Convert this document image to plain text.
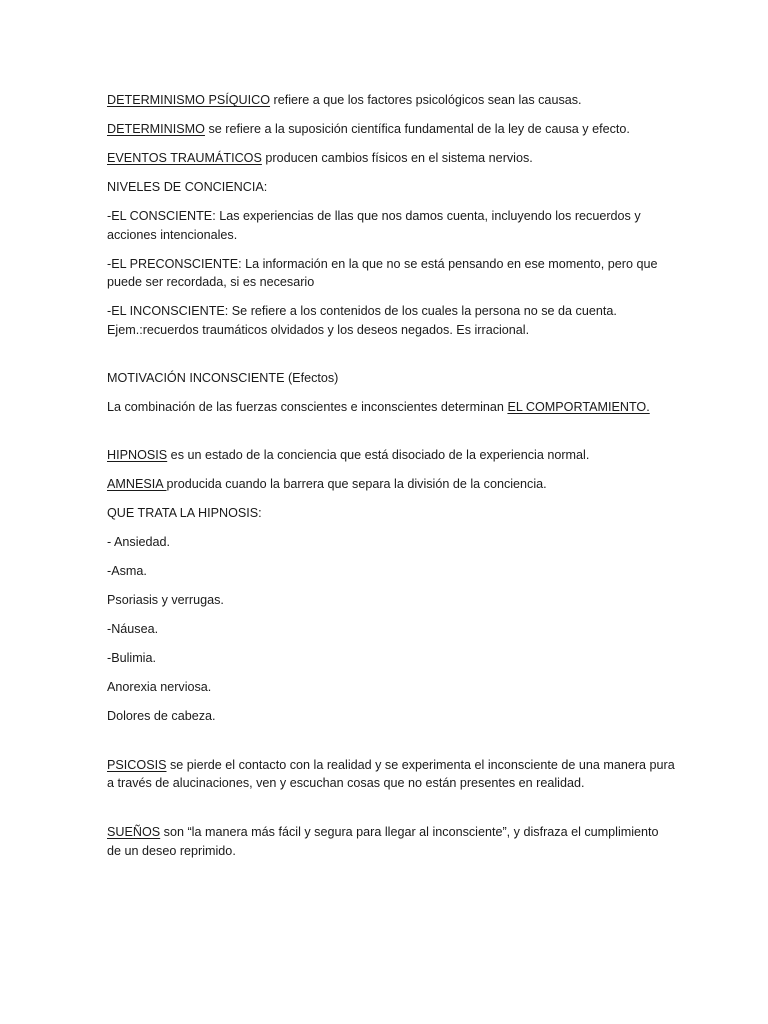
DETERMINISMO PSÍQUICO refiere a que los factores psicológicos sean las causas.

DETERMINISMO se refiere a la suposición científica fundamental de la ley de causa y efecto.

EVENTOS TRAUMÁTICOS producen cambios físicos en el sistema nervios.

NIVELES DE CONCIENCIA:

-EL CONSCIENTE: Las experiencias de llas que nos damos cuenta, incluyendo los recuerdos y
acciones intencionales.

-EL PRECONSCIENTE: La información en la que no se está pensando en ese momento, pero que
puede ser recordada, si es necesario

-EL INCONSCIENTE: Se refiere a los contenidos de los cuales la persona no se da cuenta.
Ejem.:recuerdos traumáticos olvidados y los deseos negados. Es irracional.

MOTIVACIÓN INCONSCIENTE (Efectos)

La combinación de las fuerzas conscientes e inconscientes determinan EL COMPORTAMIENTO.

HIPNOSIS es un estado de la conciencia que está disociado de la experiencia normal.

AMNESIA producida cuando la barrera que separa la división de la conciencia.

QUE TRATA LA HIPNOSIS:

- Ansiedad.

-Asma.

Psoriasis y verrugas.

-Náusea.

-Bulimia.

Anorexia nerviosa.

Dolores de cabeza.

PSICOSIS se pierde el contacto con la realidad y se experimenta el inconsciente de una manera pura
a través de alucinaciones, ven y escuchan cosas que no están presentes en realidad.

SUEÑOS son “la manera más fácil y segura para llegar al inconsciente”, y disfraza el cumplimiento
de un deseo reprimido.
